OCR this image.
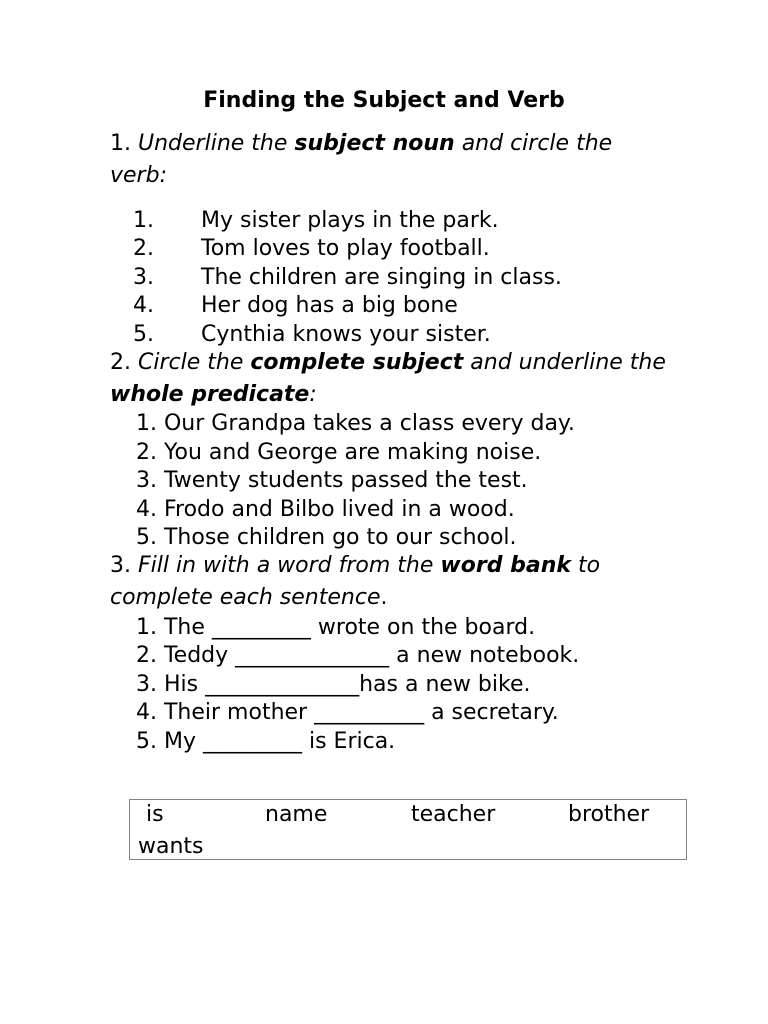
Finding the Subject and Verb
1. Underline the subject noun and circle the verb:
1. My sister plays in the park.
2. Tom loves to play football.
3. The children are singing in class.
4. Her dog has a big bone
5. Cynthia knows your sister.
2. Circle the complete subject and underline the whole predicate:
1. Our Grandpa takes a class every day.
2. You and George are making noise.
3. Twenty students passed the test.
4. Frodo and Bilbo lived in a wood.
5. Those children go to our school.
3. Fill in with a word from the word bank to complete each sentence.
1. The _________ wrote on the board.
2. Teddy ______________ a new notebook.
3. His ______________has a new bike.
4. Their mother __________ a secretary.
5. My _________ is Erica.
is	name	teacher	brother
wants
